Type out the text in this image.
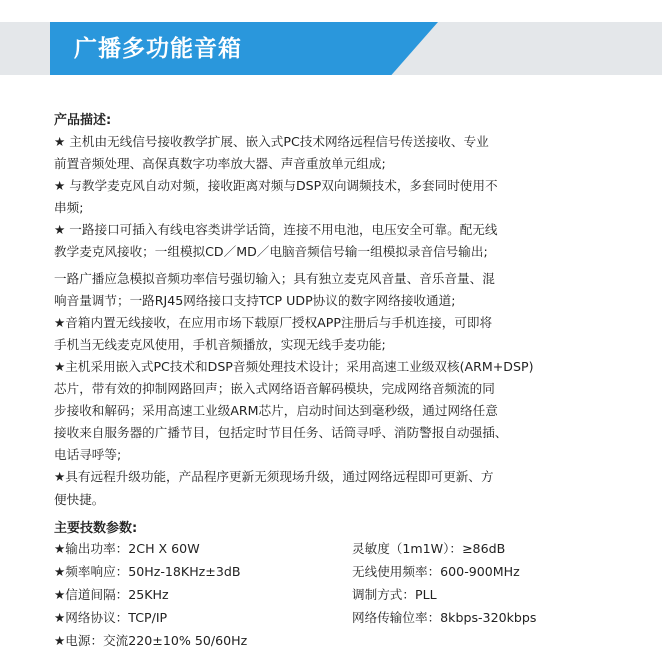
广播多功能音箱
产品描述:
★ 主机由无线信号接收教学扩展、嵌入式PC技术网络远程信号传送接收、专业
前置音频处理、高保真数字功率放大器、声音重放单元组成;
★ 与教学麦克风自动对频，接收距离对频与DSP双向调频技术，多套同时使用不
串频;
★ 一路接口可插入有线电容类讲学话筒，连接不用电池，电压安全可靠。配无线
教学麦克风接收；一组模拟CD／MD／电脑音频信号输一组模拟录音信号输出;
一路广播应急模拟音频功率信号强切输入；具有独立麦克风音量、音乐音量、混
响音量调节；一路RJ45网络接口支持TCP UDP协议的数字网络接收通道;
★音箱内置无线接收，在应用市场下载原厂授权APP注册后与手机连接，可即将
手机当无线麦克风使用，手机音频播放，实现无线手麦功能;
★主机采用嵌入式PC技术和DSP音频处理技术设计；采用高速工业级双核(ARM+DSP)
芯片，带有效的抑制网路回声；嵌入式网络语音解码模块，完成网络音频流的同
步接收和解码；采用高速工业级ARM芯片，启动时间达到毫秒级，通过网络任意
接收来自服务器的广播节目，包括定时节目任务、话筒寻呼、消防警报自动强插、
电话寻呼等;
★具有远程升级功能，产品程序更新无须现场升级，通过网络远程即可更新、方
便快捷。
主要技数参数:
★输出功率：2CH X 60W	灵敏度（1m1W）：≥86dB
★频率响应：50Hz-18KHz±3dB	无线使用频率：600-900MHz
★信道间隔：25KHz	调制方式：PLL
★网络协议：TCP/IP	网络传输位率：8kbps-320kbps
★电源：交流220±10% 50/60Hz
